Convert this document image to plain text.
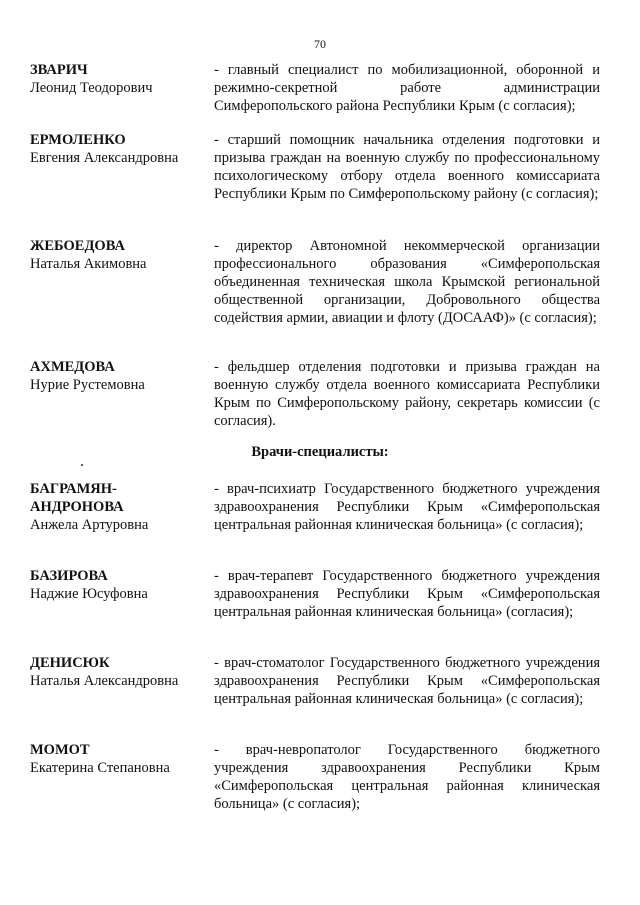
70
ЗВАРИЧ
Леонид Теодорович
- главный специалист по мобилизационной, оборонной и режимно-секретной работе администрации Симферопольского района Республики Крым (с согласия);
ЕРМОЛЕНКО
Евгения Александровна
- старший помощник начальника отделения подготовки и призыва граждан на военную службу по профессиональному психологическому отбору отдела военного комиссариата Республики Крым по Симферопольскому району (с согласия);
ЖЕБОЕДОВА
Наталья Акимовна
- директор Автономной некоммерческой организации профессионального образования «Симферопольская объединенная техническая школа Крымской региональной общественной организации, Добровольного общества содействия армии, авиации и флоту (ДОСААФ)» (с согласия);
АХМЕДОВА
Нурие Рустемовна
- фельдшер отделения подготовки и призыва граждан на военную службу отдела военного комиссариата Республики Крым по Симферопольскому району, секретарь комиссии (с согласия).
Врачи-специалисты:
БАГРАМЯН-АНДРОНОВА
Анжела Артуровна
- врач-психиатр Государственного бюджетного учреждения здравоохранения Республики Крым «Симферопольская центральная районная клиническая больница» (с согласия);
БАЗИРОВА
Наджие Юсуфовна
- врач-терапевт Государственного бюджетного учреждения здравоохранения Республики Крым «Симферопольская центральная районная клиническая больница» (согласия);
ДЕНИСЮК
Наталья Александровна
- врач-стоматолог Государственного бюджетного учреждения здравоохранения Республики Крым «Симферопольская центральная районная клиническая больница» (с согласия);
МОМОТ
Екатерина Степановна
- врач-невропатолог Государственного бюджетного учреждения здравоохранения Республики Крым «Симферопольская центральная районная клиническая больница» (с согласия);
